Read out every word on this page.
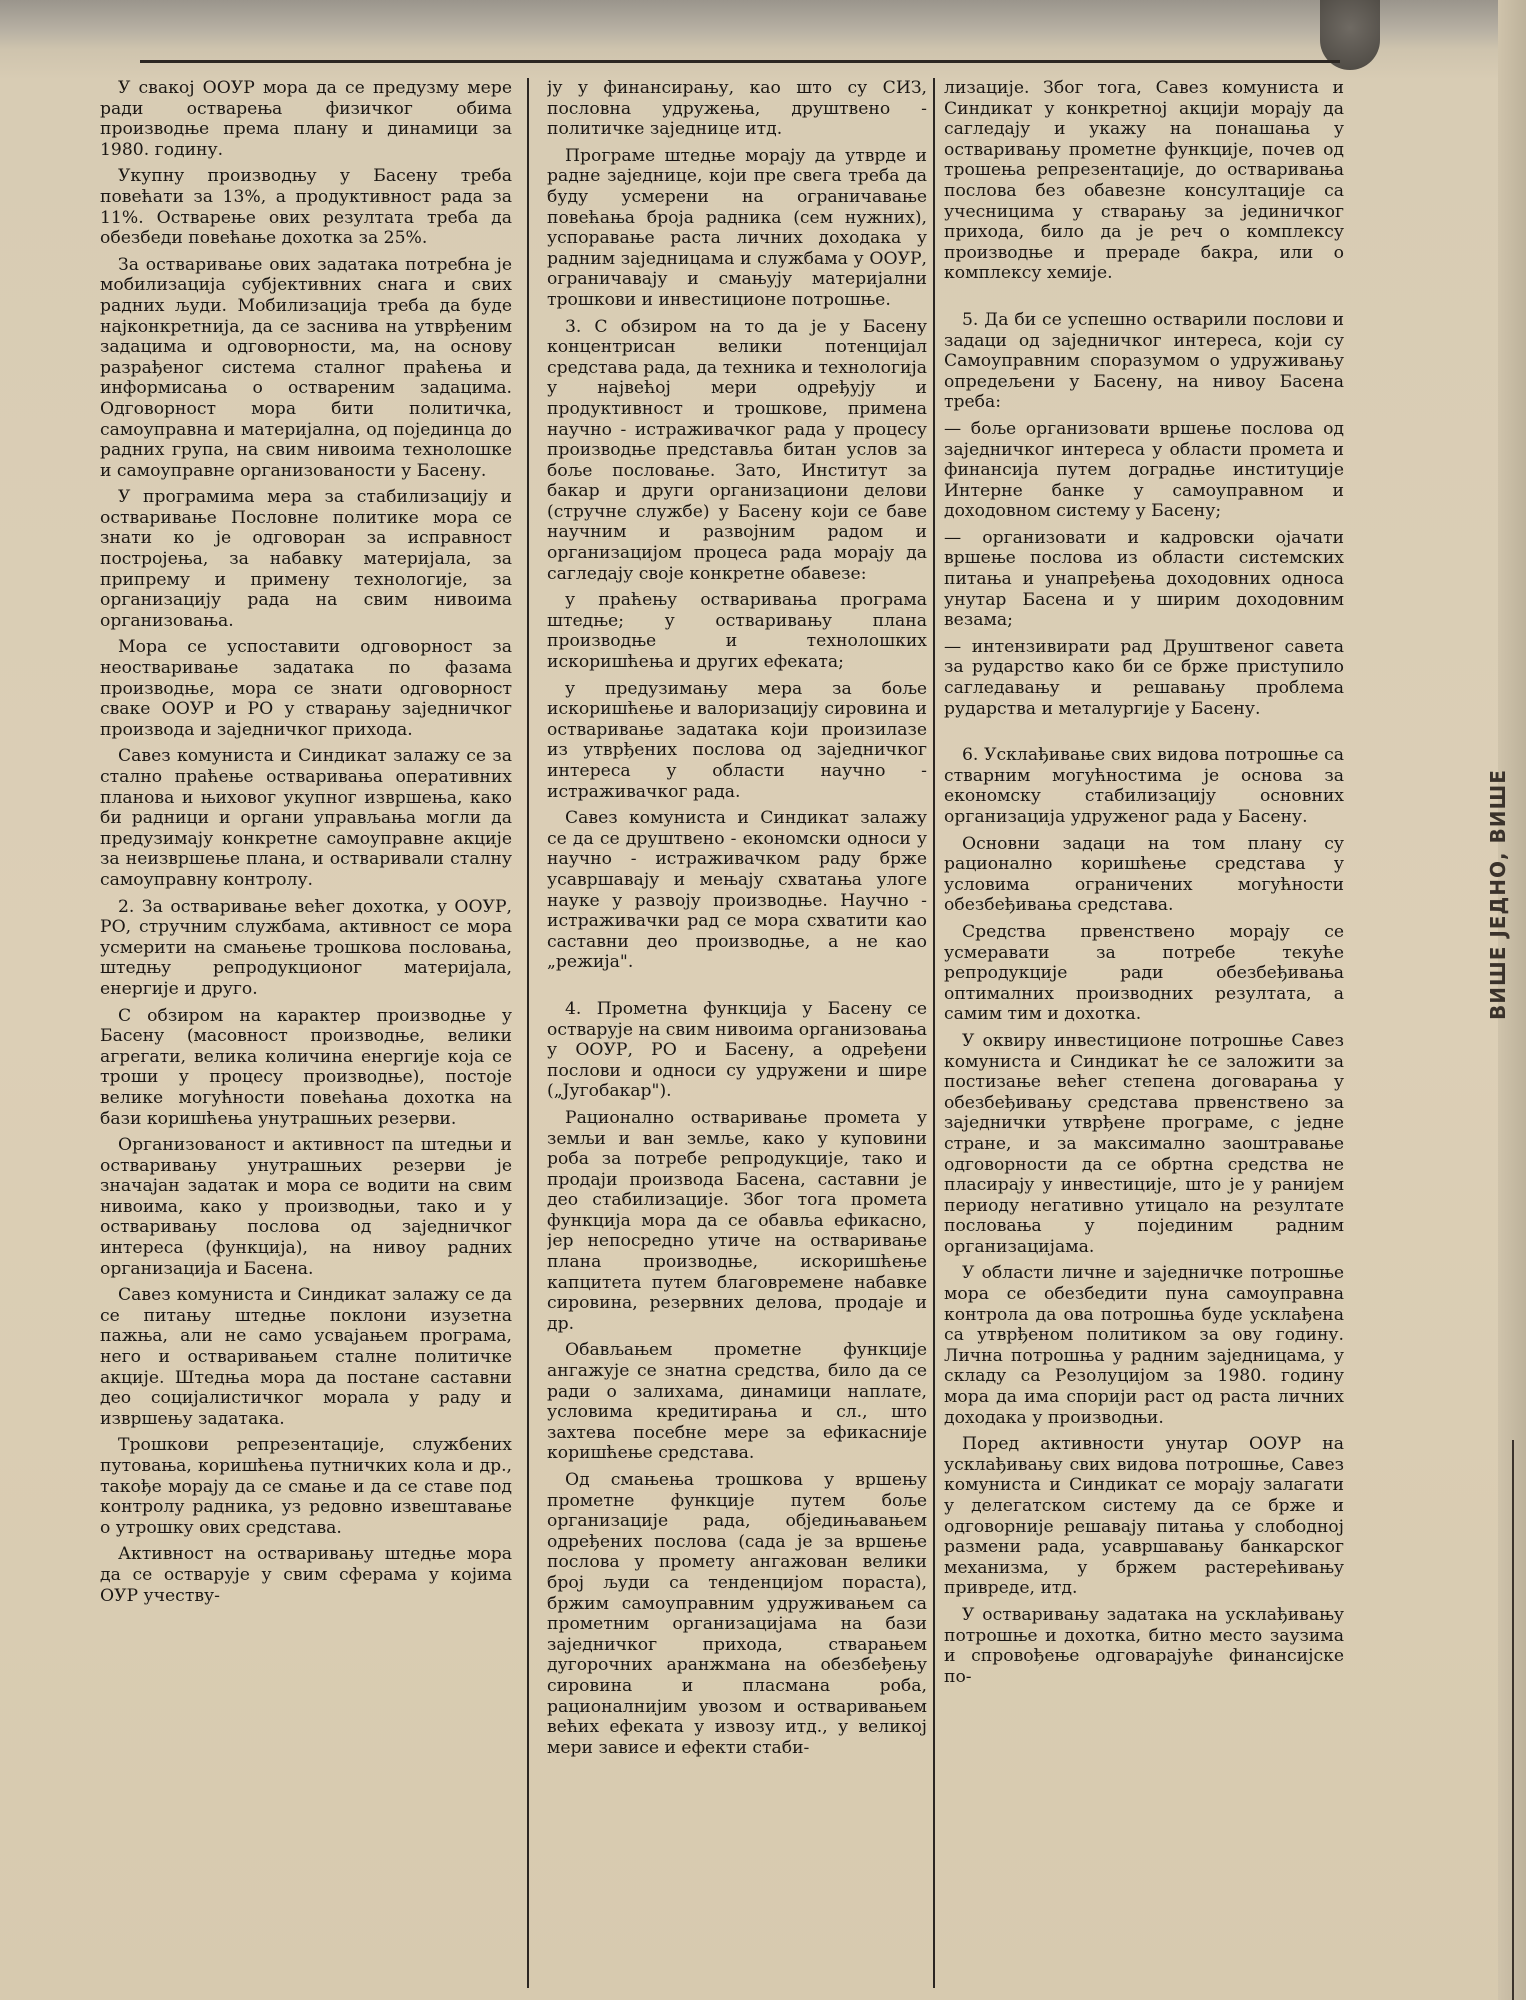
У свакој ООУР мора да се предузму мере ради остварења физичког обима производње према плану и динамици за 1980. годину.

Укупну производњу у Басену треба повећати за 13%, а продуктивност рада за 11%. Остварење ових резултата треба да обезбеди повећање дохотка за 25%.

За остваривање ових задатака потребна је мобилизација субјективних снага и свих радних људи. Мобилизација треба да буде најконкретнија, да се заснива на утврђеним задацима и одговорности, ма, на основу разрађеног система сталног праћења и информисања о оствареним задацима. Одговорност мора бити политичка, самоуправна и материјална, од појединца до радних група, на свим нивоима технолошке и самоуправне организованости у Басену.

У програмима мера за стабилизацију и остваривање Пословне политике мора се знати ко је одговоран за исправност постројења, за набавку материјала, за припрему и примену технологије, за организацију рада на свим нивоима организовања.

Мора се успоставити одговорност за неостваривање задатака по фазама производње, мора се знати одговорност сваке ООУР и РО у стварању заједничког производа и заједничког прихода.

Савез комуниста и Синдикат залажу се за стално праћење остваривања оперативних планова и њиховог укупног извршења, како би радници и органи управљања могли да предузимају конкретне самоуправне акције за неизвршење плана, и остваривали сталну самоуправну контролу.

2. За остваривање већег дохотка, у ООУР, РО, стручним службама, активност се мора усмерити на смањење трошкова пословања, штедњу репродукционог материјала, енергије и друго.

С обзиром на карактер производње у Басену (масовност производње, велики агрегати, велика количина енергије која се троши у процесу производње), постоје велике могућности повећања дохотка на бази коришћења унутрашњих резерви.

Организованост и активност па штедњи и остваривању унутрашњих резерви је значајан задатак и мора се водити на свим нивоима, како у производњи, тако и у остваривању послова од заједничког интереса (функција), на нивоу радних организација и Басена.

Савез комуниста и Синдикат залажу се да се питању штедње поклони изузетна пажња, али не само усвајањем програма, него и остваривањем сталне политичке акције. Штедња мора да постане саставни део социјалистичког морала у раду и извршењу задатака.

Трошкови репрезентације, службених путовања, коришћења путничких кола и др., такође морају да се смање и да се ставе под контролу радника, уз редовно извештавање о утрошку ових средстава.

Активност на остваривању штедње мора да се остварује у свим сферама у којима ОУР учеству-

ју у финансирању, као што су СИЗ, пословна удружења, друштвено - политичке заједнице итд.

Програме штедње морају да утврде и радне заједнице, који пре свега треба да буду усмерени на ограничавање повећања броја радника (сем нужних), успоравање раста личних доходака у радним заједницама и службама у ООУР, ограничавају и смањују материјални трошкови и инвестиционе потрошње.

3. С обзиром на то да је у Басену концентрисан велики потенцијал средстава рада, да техника и технологија у највећој мери одређују и продуктивност и трошкове, примена научно - истраживачког рада у процесу производње представља битан услов за боље пословање. Зато, Институт за бакар и други организациони делови (стручне службе) у Басену који се баве научним и развојним радом и организацијом процеса рада морају да сагледају своје конкретне обавезе:

у праћењу остваривања програма штедње; у остваривању плана производње и технолошких искоришћења и других ефеката;

у предузимању мера за боље искоришћење и валоризацију сировина и остваривање задатака који произилазе из утврђених послова од заједничког интереса у области научно - истраживачког рада.

Савез комуниста и Синдикат залажу се да се друштвено - економски односи у научно - истраживачком раду брже усавршавају и мењају схватања улоге науке у развоју производње. Научно - истраживачки рад се мора схватити као саставни део производње, а не као „режија".

4. Прометна функција у Басену се остварује на свим нивоима организовања у ООУР, РО и Басену, а одређени послови и односи су удружени и шире („Југобакар").

Рационално остваривање промета у земљи и ван земље, како у куповини роба за потребе репродукције, тако и продаји производа Басена, саставни је део стабилизације. Због тога промета функција мора да се обавља ефикасно, јер непосредно утиче на остваривање плана производње, искоришћење капцитета путем благовремене набавке сировина, резервних делова, продаје и др.

Обављањем прометне функције ангажује се знатна средства, било да се ради о залихама, динамици наплате, условима кредитирања и сл., што захтева посебне мере за ефикасније коришћење средстава.

Од смањења трошкова у вршењу прометне функције путем боље организације рада, обједињавањем одређених послова (сада је за вршење послова у промету ангажован велики број људи са тенденцијом пораста), бржим самоуправним удруживањем са прометним организацијама на бази заједничког прихода, стварањем дугорочних аранжмана на обезбеђењу сировина и пласмана роба, рационалнијим увозом и остваривањем већих ефеката у извозу итд., у великој мери зависе и ефекти стаби-

лизације. Због тога, Савез комуниста и Синдикат у конкретној акцији морају да сагледају и укажу на понашања у остваривању прометне функције, почев од трошења репрезентације, до остваривања послова без обавезне консултације са учесницима у стварању за јединичког прихода, било да је реч о комплексу производње и прераде бакра, или о комплексу хемије.

5. Да би се успешно остварили послови и задаци од заједничког интереса, који су Самоуправним споразумом о удруживању опредељени у Басену, на нивоу Басена треба:

— боље организовати вршење послова од заједничког интереса у области промета и финансија путем доградње институције Интерне банке у самоуправном и доходовном систему у Басену;

— организовати и кадровски ојачати вршење послова из области системских питања и унапређења доходовних односа унутар Басена и у ширим доходовним везама;

— интензивирати рад Друштвеног савета за рударство како би се брже приступило сагледавању и решавању проблема рударства и металургије у Басену.

6. Усклађивање свих видова потрошње са стварним могућностима је основа за економску стабилизацију основних организација удруженог рада у Басену.

Основни задаци на том плану су рационално коришћење средстава у условима ограничених могућности обезбеђивања средстава.

Средства првенствено морају се усмеравати за потребе текуће репродукције ради обезбеђивања оптималних производних резултата, а самим тим и дохотка.

У оквиру инвестиционе потрошње Савез комуниста и Синдикат ће се заложити за постизање већег степена договарања у обезбеђивању средстава првенствено за заједнички утврђене програме, с једне стране, и за максимално заоштравање одговорности да се обртна средства не пласирају у инвестиције, што је у ранијем периоду негативно утицало на резултате пословања у појединим радним организацијама.

У области личне и заједничке потрошње мора се обезбедити пуна самоуправна контрола да ова потрошња буде усклађена са утврђеном политиком за ову годину. Лична потрошња у радним заједницама, у складу са Резолуцијом за 1980. годину мора да има спорији раст од раста личних доходака у производњи.

Поред активности унутар ООУР на усклађивању свих видова потрошње, Савез комуниста и Синдикат се морају залагати у делегатском систему да се брже и одговорније решавају питања у слободној размени рада, усавршавању банкарског механизма, у бржем растерећивању привреде, итд.

У остваривању задатака на усклађивању потрошње и дохотка, битно место заузима и спровођење одговарајуће финансијске по-

ВИШЕ ЈЕДНО, ВИШЕ
